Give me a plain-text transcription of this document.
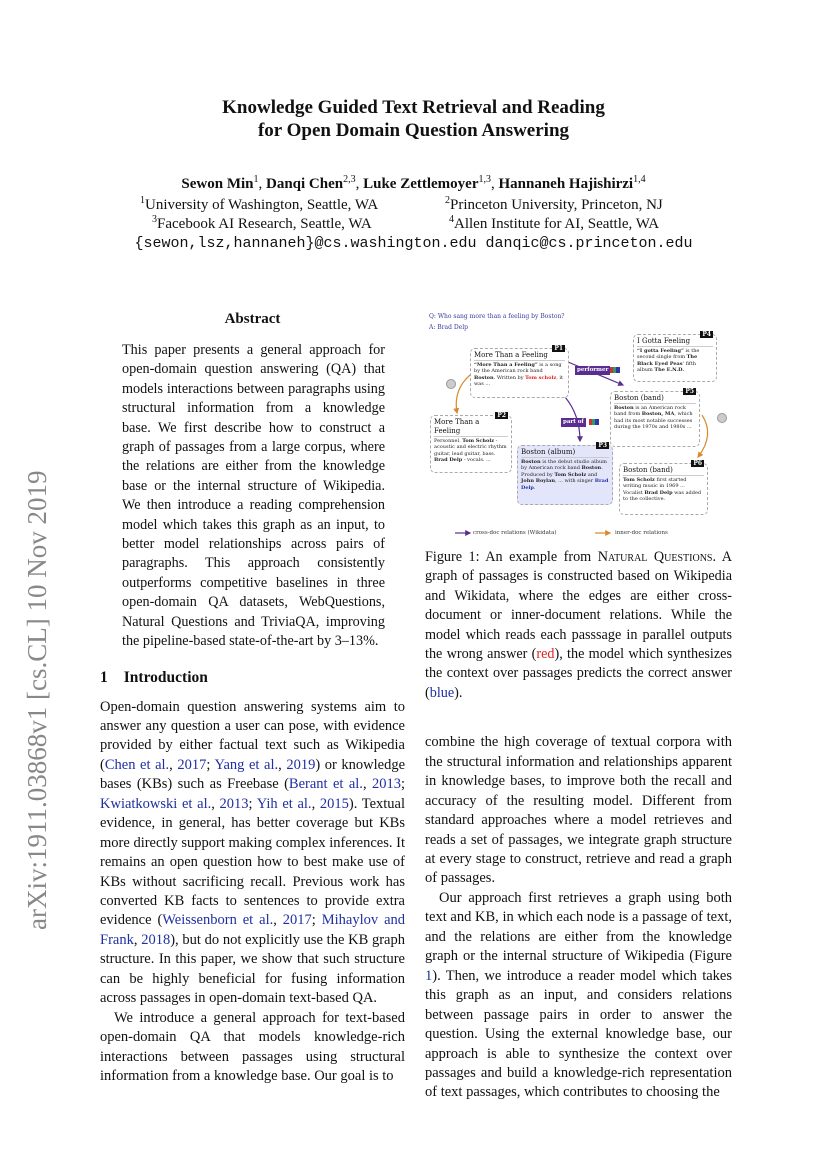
arXiv:1911.03868v1 [cs.CL] 10 Nov 2019
Knowledge Guided Text Retrieval and Reading
for Open Domain Question Answering
Sewon Min$^1$, Danqi Chen$^{2,3}$, Luke Zettlemoyer$^{1,3}$, Hannaneh Hajishirzi$^{1,4}$
$^1$University of Washington, Seattle, WA	$^2$Princeton University, Princeton, NJ
$^3$Facebook AI Research, Seattle, WA	$^4$Allen Institute for AI, Seattle, WA
{sewon,lsz,hannaneh}@cs.washington.edu danqic@cs.princeton.edu
Abstract
This paper presents a general approach for open-domain question answering (QA) that models interactions between paragraphs using structural information from a knowledge base. We first describe how to construct a graph of passages from a large corpus, where the relations are either from the knowledge base or the internal structure of Wikipedia. We then introduce a reading comprehension model which takes this graph as an input, to better model relationships across pairs of paragraphs. This approach consistently outperforms competitive baselines in three open-domain QA datasets, WebQuestions, Natural Questions and TriviaQA, improving the pipeline-based state-of-the-art by 3–13%.
1 Introduction

Open-domain question answering systems aim to answer any question a user can pose, with evidence provided by either factual text such as Wikipedia (Chen et al., 2017; Yang et al., 2019) or knowledge bases (KBs) such as Freebase (Berant et al., 2013; Kwiatkowski et al., 2013; Yih et al., 2015). Textual evidence, in general, has better coverage but KBs more directly support making complex inferences. It remains an open question how to best make use of KBs without sacrificing recall. Previous work has converted KB facts to sentences to provide extra evidence (Weissenborn et al., 2017; Mihaylov and Frank, 2018), but do not explicitly use the KB graph structure. In this paper, we show that such structure can be highly beneficial for fusing information across passages in open-domain text-based QA.

We introduce a general approach for text-based open-domain QA that models knowledge-rich interactions between passages using structural information from a knowledge base. Our goal is to

Q: Who sang more than a feeling by Boston?
A: Brad Delp
P1
More Than a Feeling
“More Than a Feeling” is a song by the American rock band Boston. Written by Tom scholz, it was ...
P2
More Than a Feeling
Personnel. Tom Scholz - acoustic and electric rhythm guitar, lead guitar, bass. Brad Delp - vocals. ...
P3
Boston (album)
Boston is the debut studio album by American rock band Boston. Produced by Tom Scholz and John Boylan, ... with singer Brad Delp.
P4
I Gotta Feeling
“I gotta Feeling” is the second single from The Black Eyed Peas' fifth album The E.N.D.
P5
Boston (band)
Boston is an American rock band from Boston, MA, which had its most notable successes during the 1970s and 1980s ...
P6
Boston (band)
Tom Scholz first started writing music in 1969 ... Vocalist Brad Delp was added to the collective.
performer
part of
cross-doc relations (Wikidata)	inner-doc relations
Figure 1: An example from Natural Questions. A graph of passages is constructed based on Wikipedia and Wikidata, where the edges are either cross-document or inner-document relations. While the model which reads each passsage in parallel outputs the wrong answer (red), the model which synthesizes the context over passages predicts the correct answer (blue).

combine the high coverage of textual corpora with the structural information and relationships apparent in knowledge bases, to improve both the recall and accuracy of the resulting model. Different from standard approaches where a model retrieves and reads a set of passages, we integrate graph structure at every stage to construct, retrieve and read a graph of passages.

Our approach first retrieves a graph using both text and KB, in which each node is a passage of text, and the relations are either from the knowledge graph or the internal structure of Wikipedia (Figure 1). Then, we introduce a reader model which takes this graph as an input, and considers relations between passage pairs in order to answer the question. Using the external knowledge base, our approach is able to synthesize the context over passages and build a knowledge-rich representation of text passages, which contributes to choosing the
